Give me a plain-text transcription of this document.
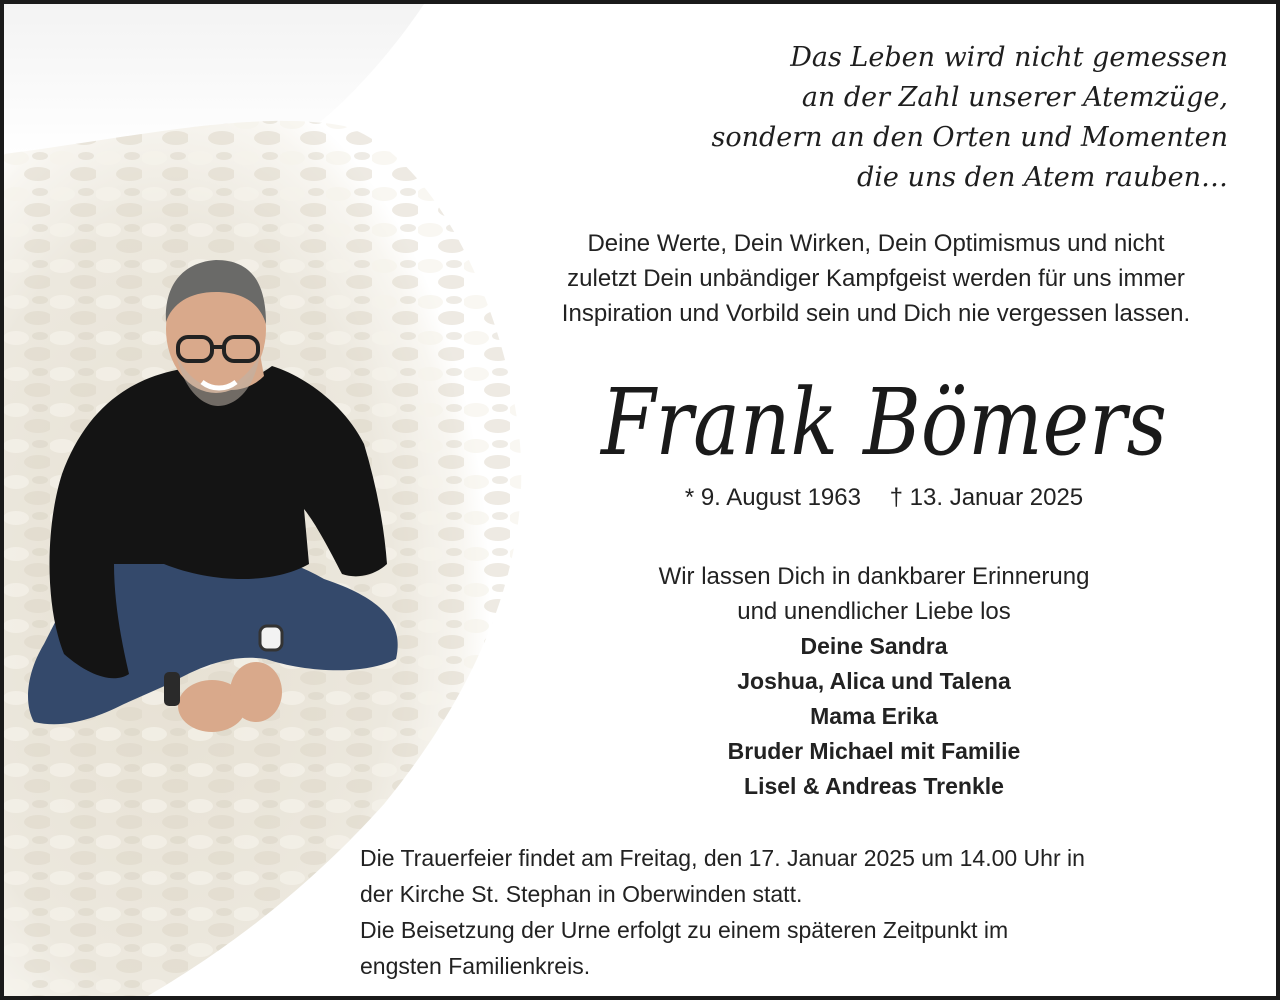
Das Leben wird nicht gemessen
an der Zahl unserer Atemzüge,
sondern an den Orten und Momenten
die uns den Atem rauben…
Deine Werte, Dein Wirken, Dein Optimismus und nicht
zuletzt Dein unbändiger Kampfgeist werden für uns immer
Inspiration und Vorbild sein und Dich nie vergessen lassen.
Frank Bömers
* 9. August 1963 † 13. Januar 2025
Wir lassen Dich in dankbarer Erinnerung
und unendlicher Liebe los
Deine Sandra
Joshua, Alica und Talena
Mama Erika
Bruder Michael mit Familie
Lisel & Andreas Trenkle
Die Trauerfeier findet am Freitag, den 17. Januar 2025 um 14.00 Uhr in
der Kirche St. Stephan in Oberwinden statt.
Die Beisetzung der Urne erfolgt zu einem späteren Zeitpunkt im
engsten Familienkreis.
